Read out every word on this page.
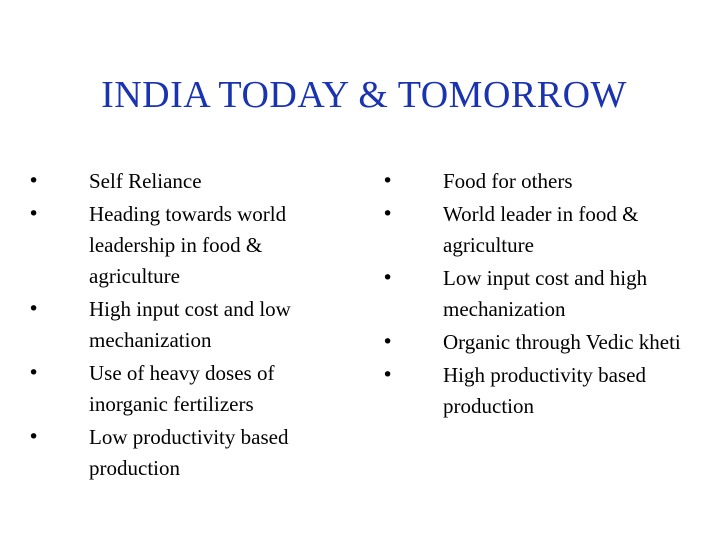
INDIA TODAY & TOMORROW
•	Self Reliance
•	Heading towards world leadership in food & agriculture
•	High input cost and low mechanization
•	Use of heavy doses of inorganic fertilizers
•	Low productivity based production
•	Food for others
•	World leader in food & agriculture
•	Low input cost and high mechanization
•	Organic through Vedic kheti
•	High productivity based production
